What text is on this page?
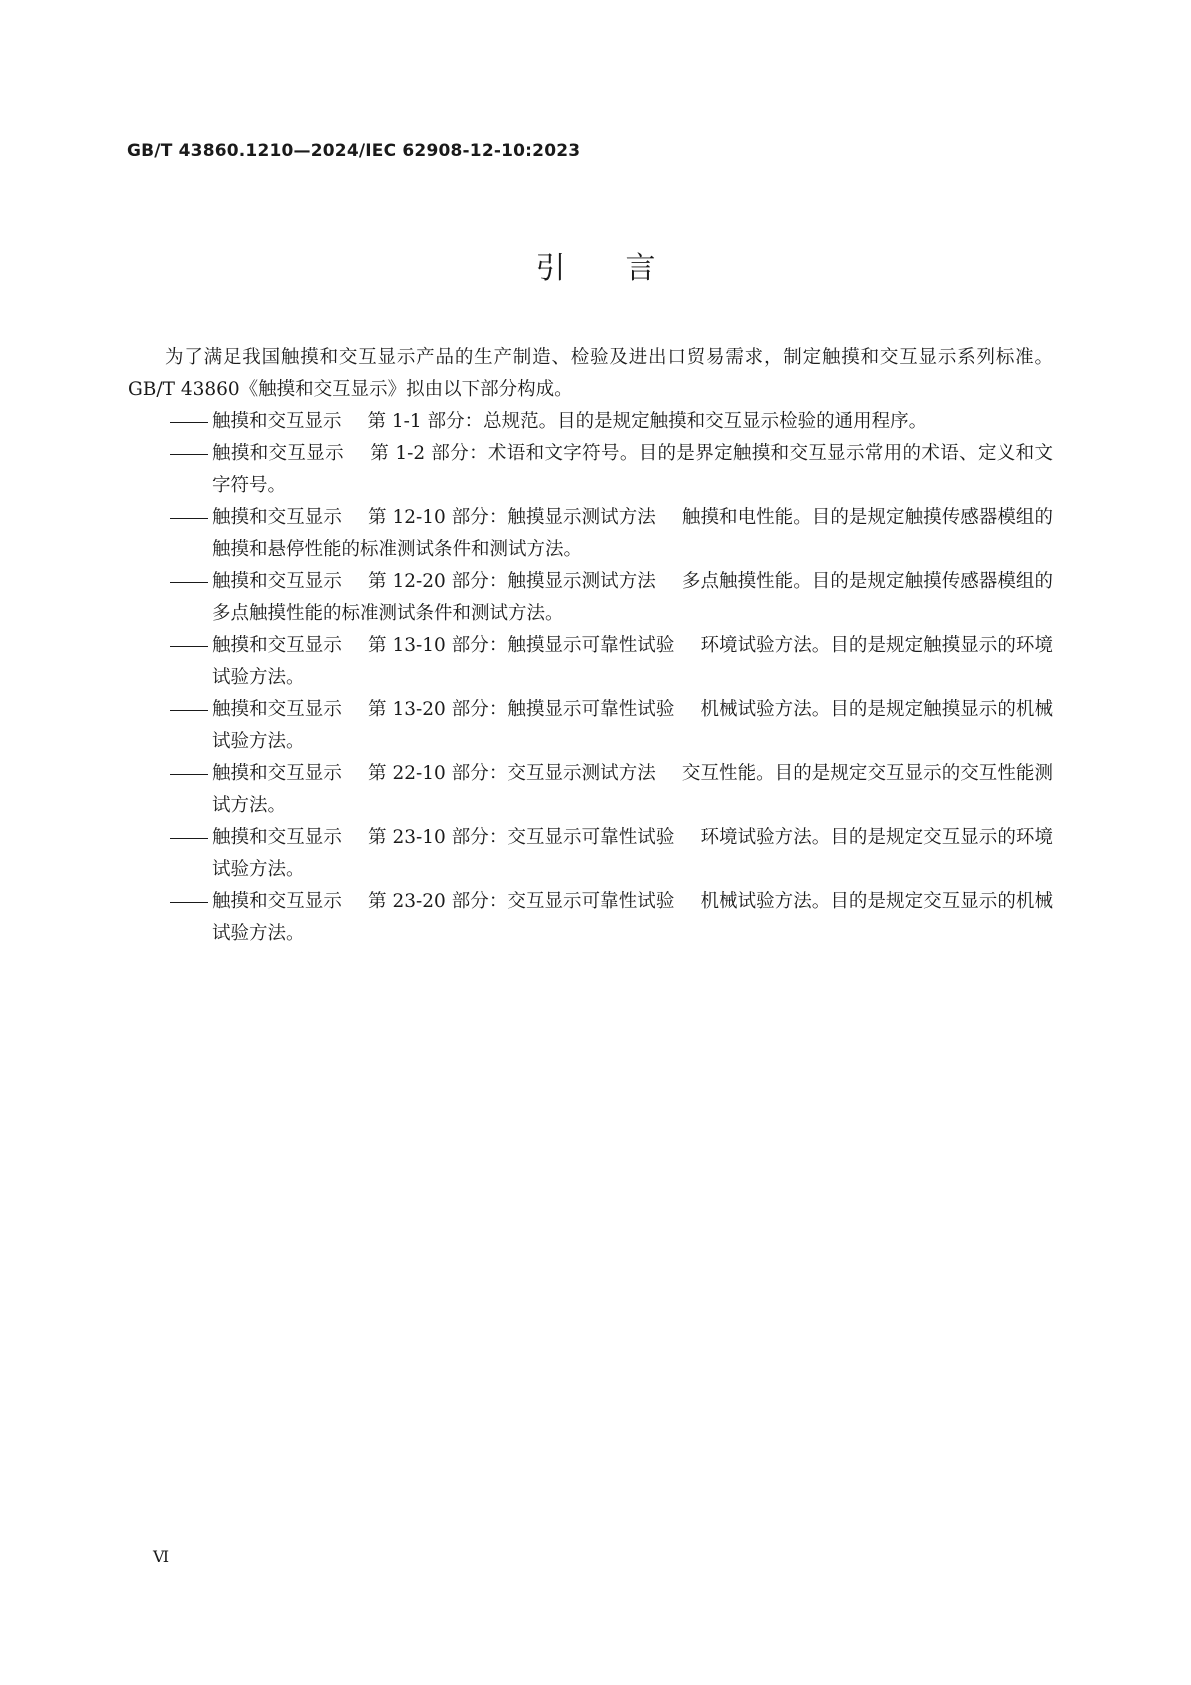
GB/T 43860.1210—2024/IEC 62908-12-10:2023
引言

为了满足我国触摸和交互显示产品的生产制造、检验及进出口贸易需求，制定触摸和交互显示系列标准。GB/T 43860《触摸和交互显示》拟由以下部分构成。

触摸和交互显示 第 1-1 部分：总规范。目的是规定触摸和交互显示检验的通用程序。
触摸和交互显示 第 1-2 部分：术语和文字符号。目的是界定触摸和交互显示常用的术语、定义和文字符号。
触摸和交互显示 第 12-10 部分：触摸显示测试方法 触摸和电性能。目的是规定触摸传感器模组的触摸和悬停性能的标准测试条件和测试方法。
触摸和交互显示 第 12-20 部分：触摸显示测试方法 多点触摸性能。目的是规定触摸传感器模组的多点触摸性能的标准测试条件和测试方法。
触摸和交互显示 第 13-10 部分：触摸显示可靠性试验 环境试验方法。目的是规定触摸显示的环境试验方法。
触摸和交互显示 第 13-20 部分：触摸显示可靠性试验 机械试验方法。目的是规定触摸显示的机械试验方法。
触摸和交互显示 第 22-10 部分：交互显示测试方法 交互性能。目的是规定交互显示的交互性能测试方法。
触摸和交互显示 第 23-10 部分：交互显示可靠性试验 环境试验方法。目的是规定交互显示的环境试验方法。
触摸和交互显示 第 23-20 部分：交互显示可靠性试验 机械试验方法。目的是规定交互显示的机械试验方法。
Ⅵ
